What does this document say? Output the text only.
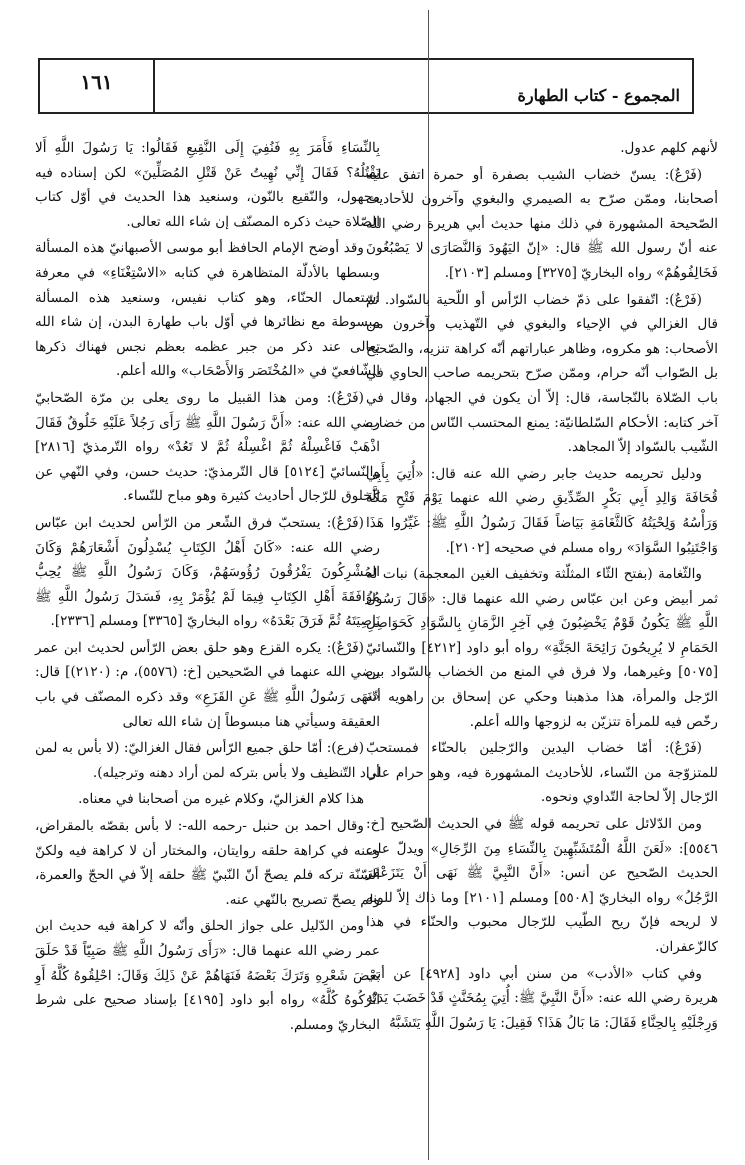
١٦١
المجموع - كتاب الطهارة

لأنهم كلهم عدول.

(فَرْعٌ): يسنّ خضاب الشيب بصفرة أو حمرة اتفق عليه أصحابنا، وممّن صرّح به الصيمري والبغوي وآخرون للأحاديث الصّحيحة المشهورة في ذلك منها حديث أبي هريرة رضي الله عنه أنّ رسول الله ﷺ قال: «إنّ اليَهُودَ وَالنَّصَارَى لا يَصْبُغُونَ فَخَالِفُوهُمْ» رواه البخاريّ [٣٢٧٥] ومسلم [٢١٠٣].

(فَرْعٌ): اتّفقوا على ذمّ خضاب الرّأس أو اللّحية بالسّواد. ثمّ قال الغزالي في الإحياء والبغوي في التّهذيب وآخرون من الأصحاب: هو مكروه، وظاهر عباراتهم أنّه كراهة تنزيه، والصّحيح بل الصّواب أنّه حرام، وممّن صرّح بتحريمه صاحب الحاوي في باب الصّلاة بالنّجاسة، قال: إلاّ أن يكون في الجهاد، وقال في آخر كتابه: الأحكام السّلطانيّة: يمنع المحتسب النّاس من خضاب الشّيب بالسّواد إلاّ المجاهد.

ودليل تحريمه حديث جابر رضي الله عنه قال: «أُتِيَ بِأَبِي قُحَافَةَ وَالِدِ أَبِي بَكْرٍ الصِّدِّيقِ رضي الله عنهما يَوْمَ فَتْحِ مَكَّةَ وَرَأْسُهُ وَلِحْيَتُهُ كَالثَّغَامَةِ بَيَاضاً فَقَالَ رَسُولُ اللَّهِ ﷺ: غَيِّرُوا هَذَا وَاجْتَنِبُوا السَّوَادَ» رواه مسلم في صحيحه [٢١٠٢].

والثّغامة (بفتح الثّاء المثلّثة وتخفيف الغين المعجمة) نبات له ثمر أبيض وعن ابن عبّاس رضي الله عنهما قال: «قَالَ رَسُولُ اللَّهِ ﷺ يَكُونُ قَوْمٌ يَخْضِبُونَ فِي آخِرِ الزَّمَانِ بِالسَّوَادِ كَحَوَاصِلِ الحَمَامِ لا يُرِيحُونَ رَائِحَةَ الجَنَّةِ» رواه أبو داود [٤٢١٢] والنّسائيّ [٥٠٧٥] وغيرهما، ولا فرق في المنع من الخضاب بالسّواد بين الرّجل والمرأة، هذا مذهبنا وحكي عن إسحاق بن راهويه أنّه رخّص فيه للمرأة تتزيّن به لزوجها والله أعلم.

(فَرْعٌ): أمّا خضاب اليدين والرّجلين بالحنّاء فمستحبّ للمتزوّجة من النّساء، للأحاديث المشهورة فيه، وهو حرام على الرّجال إلاّ لحاجة التّداوي ونحوه.

ومن الدّلائل على تحريمه قوله ﷺ في الحديث الصّحيح [خ: ٥٥٤٦]: «لَعَنَ اللَّهُ الْمُتَشَبِّهِينَ بِالنِّسَاءِ مِنَ الرِّجَالِ» ويدلّ على الحديث الصّحيح عن أنس: «أَنَّ النَّبِيَّ ﷺ نَهَى أَنْ يَتَزَعْفَرَ الرَّجُلُ» رواه البخاريّ [٥٥٠٨] ومسلم [٢١٠١] وما ذاك إلاّ للونه لا لريحه فإنّ ريح الطّيب للرّجال محبوب والحنّاء في هذا كالزّعفران.

وفي كتاب «الأدب» من سنن أبي داود [٤٩٢٨] عن أبي هريرة رضي الله عنه: «أَنَّ النَّبِيَّ ﷺ: أُتِيَ بِمُخَنَّثٍ قَدْ خَضَبَ يَدَيْهِ وَرِجْلَيْهِ بِالحِنَّاءِ فَقَالَ: مَا بَالُ هَذَا؟ فَقِيلَ: يَا رَسُولَ اللَّهِ يَتَشَبَّهُ

بِالنِّسَاءِ فَأَمَرَ بِهِ فَنُفِيَ إِلَى النَّقِيعِ فَقَالُوا: يَا رَسُولَ اللَّهِ أَلا نَقْتُلُهُ؟ فَقَالَ إِنِّي نُهِيتُ عَنْ قَتْلِ المُصَلِّينَ» لكن إسناده فيه مجهول، والنّقيع بالنّون، وسنعيد هذا الحديث في أوّل كتاب الصّلاة حيث ذكره المصنّف إن شاء الله تعالى.

وقد أوضح الإمام الحافظ أبو موسى الأصبهانيّ هذه المسألة وبسطها بالأدلّة المتظاهرة في كتابه «الاسْتِغْنَاءِ» في معرفة استعمال الحنّاء، وهو كتاب نفيس، وسنعيد هذه المسألة مبسوطة مع نظائرها في أوّل باب طهارة البدن، إن شاء الله تعالى عند ذكر من جبر عظمه بعظم نجس فهناك ذكرها الشّافعيّ في «المُخْتَصَر وَالأَصْحَاب» والله أعلم.

(فَرْعٌ): ومن هذا القبيل ما روى يعلى بن مرّة الصّحابيّ رضي الله عنه: «أَنَّ رَسُولَ اللَّهِ ﷺ رَأَى رَجُلاً عَلَيْهِ خَلُوقٌ فَقَالَ اذْهَبْ فَاغْسِلْهُ ثُمَّ اغْسِلْهُ ثُمَّ لا تَعُدْ» رواه التّرمذيّ [٢٨١٦] والنّسائيّ [٥١٢٤] قال التّرمذيّ: حديث حسن، وفي النّهي عن الخلوق للرّجال أحاديث كثيرة وهو مباح للنّساء.

(فَرْعٌ): يستحبّ فرق الشّعر من الرّأس لحديث ابن عبّاس رضي الله عنه: «كَانَ أَهْلُ الكِتَابِ يُسْدِلُونَ أَشْعَارَهُمْ وَكَانَ المُشْرِكُونَ يَفْرُقُونَ رُؤُوسَهُمْ، وَكَانَ رَسُولُ اللَّهِ ﷺ يُحِبُّ مُوَافَقَةَ أَهْلِ الكِتَابِ فِيمَا لَمْ يُؤْمَرْ بِهِ، فَسَدَلَ رَسُولُ اللَّهِ ﷺ نَاصِيَتَهُ ثُمَّ فَرَقَ بَعْدَهُ» رواه البخاريّ [٣٣٦٥] ومسلم [٢٣٣٦].

(فَرْعٌ): يكره القزع وهو حلق بعض الرّأس لحديث ابن عمر رضي الله عنهما في الصّحيحين [خ: (٥٥٧٦)، م: (٢١٢٠)] قال: «نَهَى رَسُولُ اللَّهِ ﷺ عَنِ القَزَعِ» وقد ذكره المصنّف في باب العقيقة وسيأتي هنا مبسوطاً إن شاء الله تعالى

(فرع): أمّا حلق جميع الرّأس فقال الغزاليّ: (لا بأس به لمن أراد التّنظيف ولا بأس بتركه لمن أراد دهنه وترجيله).

هذا كلام الغزاليّ، وكلام غيره من أصحابنا في معناه.

وقال احمد بن حنبل -رحمه الله-: لا بأس بقصّه بالمقراض، وعنه في كراهة حلقه روايتان، والمختار أن لا كراهة فيه ولكنّ السّنّة تركه فلم يصحّ أنّ النّبيّ ﷺ حلقه إلاّ في الحجّ والعمرة، ولم يصحّ تصريح بالنّهي عنه.

ومن الدّليل على جواز الحلق وأنّه لا كراهة فيه حديث ابن عمر رضي الله عنهما قال: «رَأَى رَسُولُ اللَّهِ ﷺ صَبِيّاً قَدْ حَلَقَ بَعْضَ شَعْرِهِ وَتَرَكَ بَعْضَهُ فَنَهَاهُمْ عَنْ ذَلِكَ وَقَالَ: احْلِقُوهُ كُلَّهُ أَوِ اتْرُكُوهُ كُلَّهُ» رواه أبو داود [٤١٩٥] بإسناد صحيح على شرط البخاريّ ومسلم.
